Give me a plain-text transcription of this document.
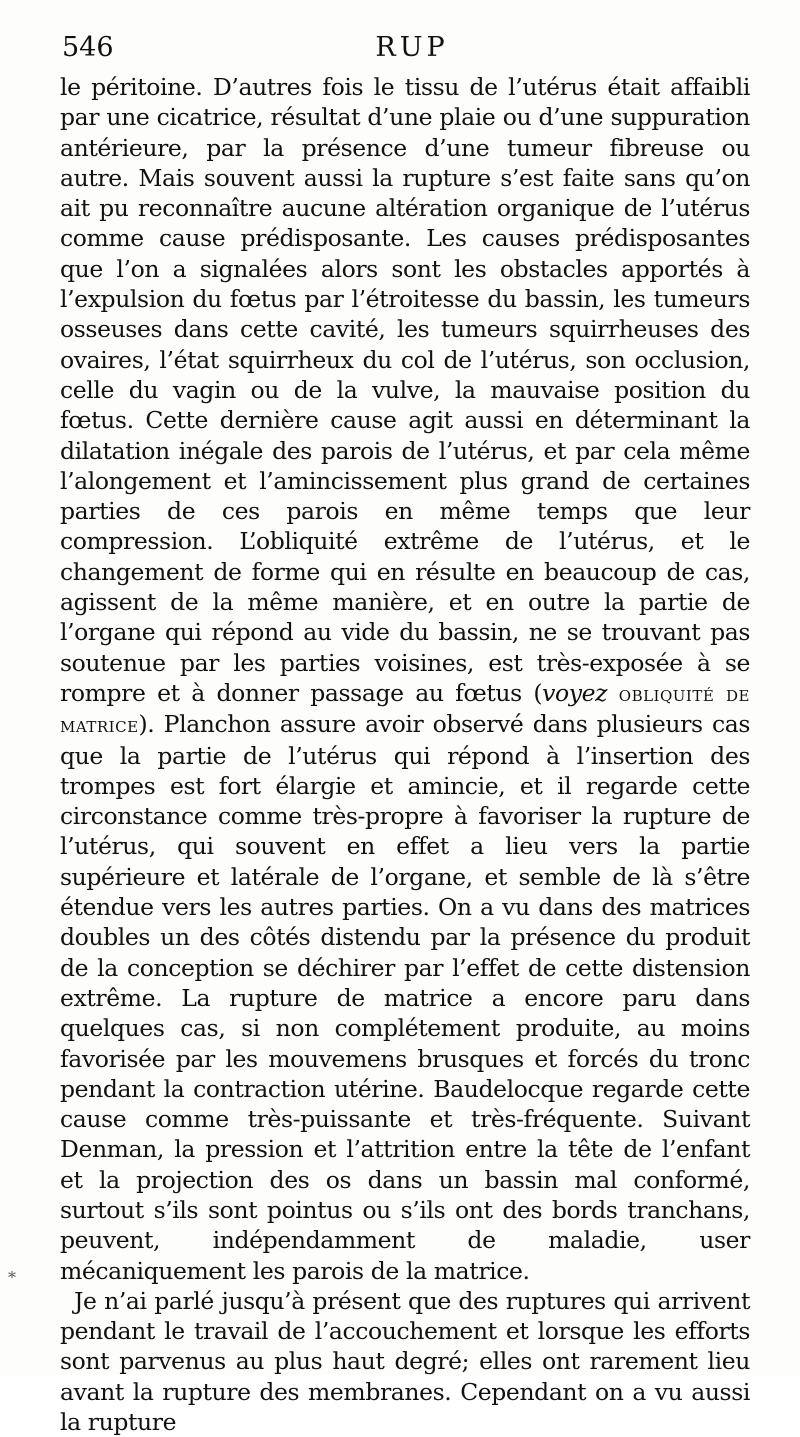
546	RUP

le péritoine. D’autres fois le tissu de l’utérus était affaibli par une cicatrice, résultat d’une plaie ou d’une suppuration antérieure, par la présence d’une tumeur fibreuse ou autre. Mais souvent aussi la rupture s’est faite sans qu’on ait pu reconnaître aucune altération organique de l’utérus comme cause prédisposante. Les causes prédisposantes que l’on a signalées alors sont les obstacles apportés à l’expulsion du fœtus par l’étroitesse du bassin, les tumeurs osseuses dans cette cavité, les tumeurs squirrheuses des ovaires, l’état squirrheux du col de l’utérus, son occlusion, celle du vagin ou de la vulve, la mauvaise position du fœtus. Cette dernière cause agit aussi en déterminant la dilatation inégale des parois de l’utérus, et par cela même l’alongement et l’amincissement plus grand de certaines parties de ces parois en même temps que leur compression. L’obliquité extrême de l’utérus, et le changement de forme qui en résulte en beaucoup de cas, agissent de la même manière, et en outre la partie de l’organe qui répond au vide du bassin, ne se trouvant pas soutenue par les parties voisines, est très-exposée à se rompre et à donner passage au fœtus (voyez obliquité de matrice). Planchon assure avoir observé dans plusieurs cas que la partie de l’utérus qui répond à l’insertion des trompes est fort élargie et amincie, et il regarde cette circonstance comme très-propre à favoriser la rupture de l’utérus, qui souvent en effet a lieu vers la partie supérieure et latérale de l’organe, et semble de là s’être étendue vers les autres parties. On a vu dans des matrices doubles un des côtés distendu par la présence du produit de la conception se déchirer par l’effet de cette distension extrême. La rupture de matrice a encore paru dans quelques cas, si non complétement produite, au moins favorisée par les mouvemens brusques et forcés du tronc pendant la contraction utérine. Baudelocque regarde cette cause comme très-puissante et très-fréquente. Suivant Denman, la pression et l’attrition entre la tête de l’enfant et la projection des os dans un bassin mal conformé, surtout s’ils sont pointus ou s’ils ont des bords tranchans, peuvent, indépendamment de maladie, user mécaniquement les parois de la matrice.

Je n’ai parlé jusqu’à présent que des ruptures qui arrivent pendant le travail de l’accouchement et lorsque les efforts sont parvenus au plus haut degré; elles ont rarement lieu avant la rupture des membranes. Cependant on a vu aussi la rupture

*
